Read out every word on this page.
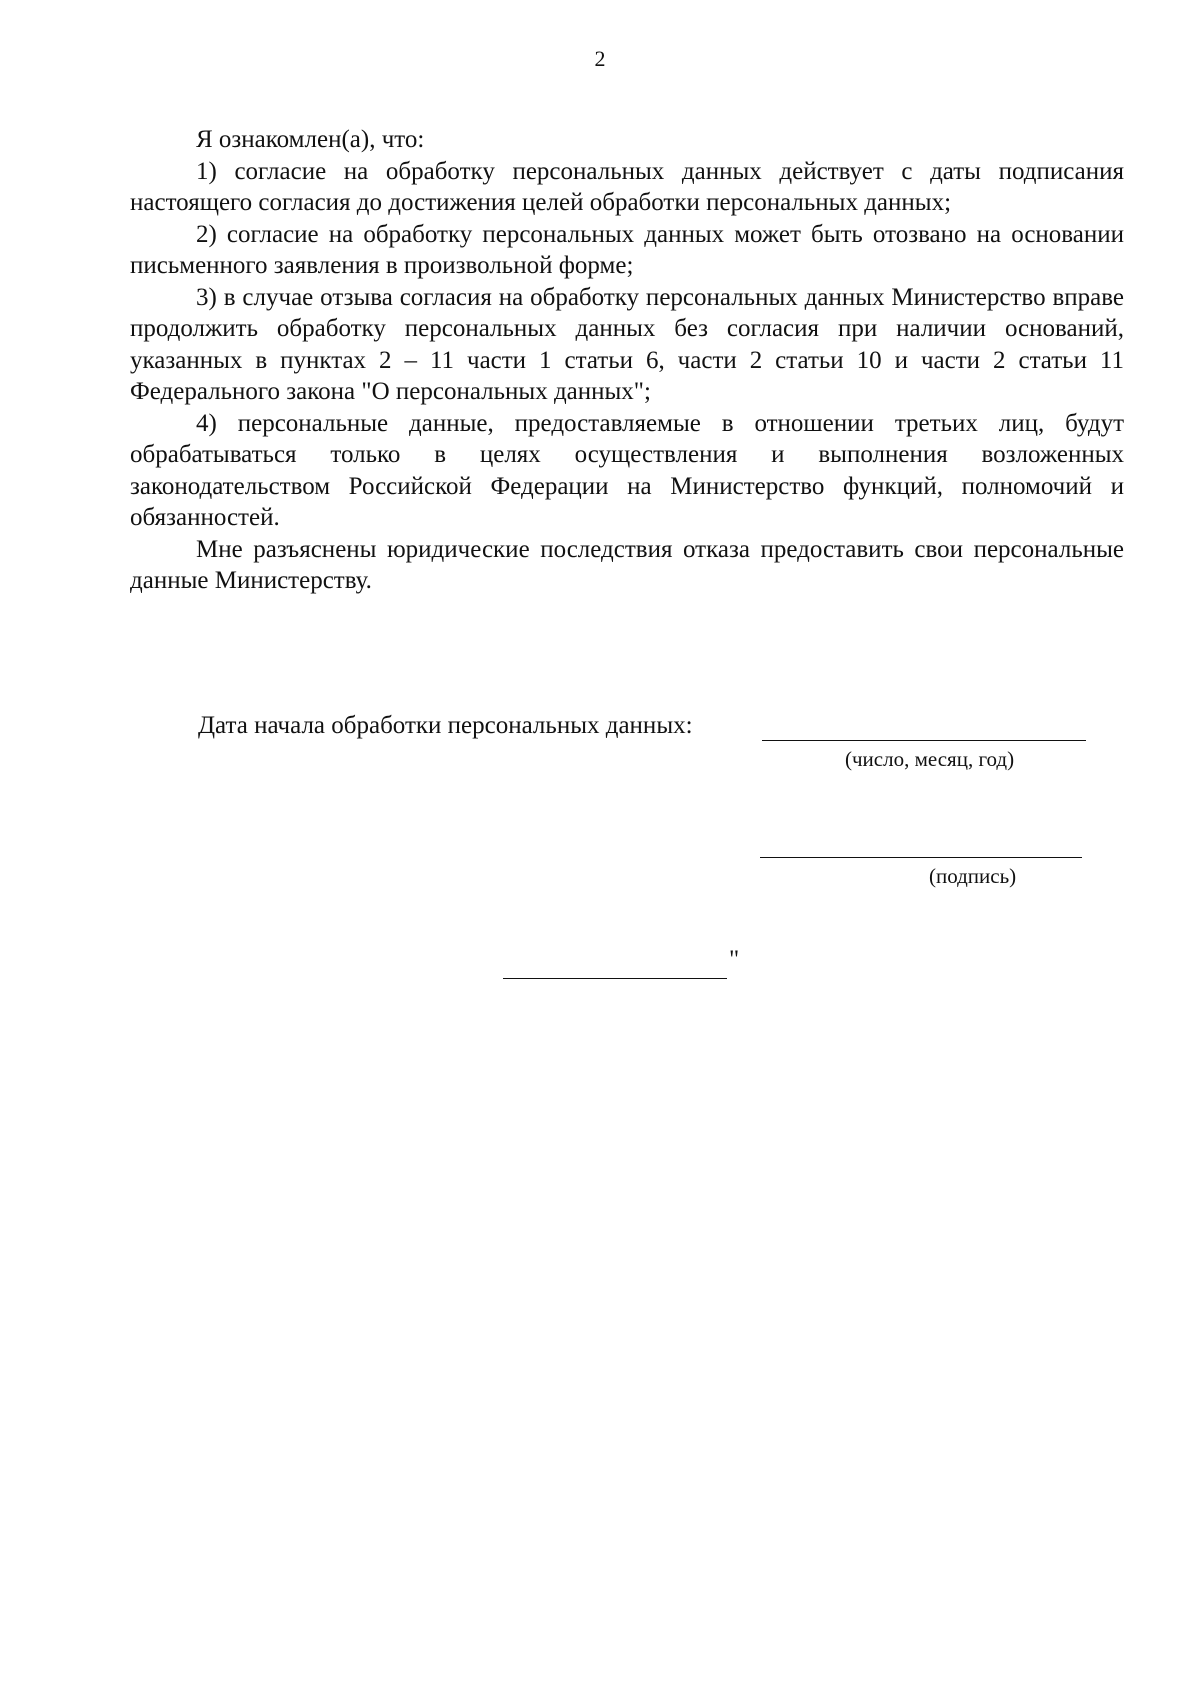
2

Я ознакомлен(а), что:

1) согласие на обработку персональных данных действует с даты подписания настоящего согласия до достижения целей обработки персональных данных;

2) согласие на обработку персональных данных может быть отозвано на основании письменного заявления в произвольной форме;

3) в случае отзыва согласия на обработку персональных данных Министерство вправе продолжить обработку персональных данных без согласия при наличии оснований, указанных в пунктах 2 – 11 части 1 статьи 6, части 2 статьи 10 и части 2 статьи 11 Федерального закона "О персональных данных";

4) персональные данные, предоставляемые в отношении третьих лиц, будут обрабатываться только в целях осуществления и выполнения возложенных законодательством Российской Федерации на Министерство функций, полномочий и обязанностей.

Мне разъяснены юридические последствия отказа предоставить свои персональные данные Министерству.

Дата начала обработки персональных данных:
(число, месяц, год)
(подпись)
"
